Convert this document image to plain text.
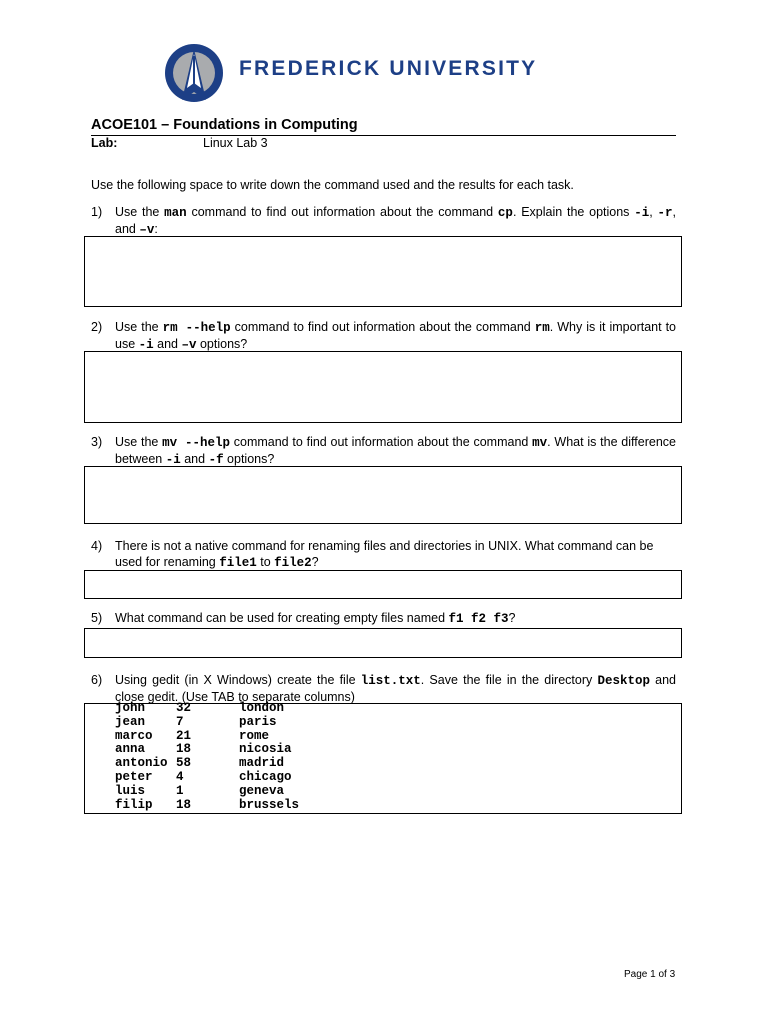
FREDERICK UNIVERSITY
ACOE101 – Foundations in Computing
Lab:	Linux Lab 3
Use the following space to write down the command used and the results for each task.
1) Use the man command to find out information about the command cp. Explain the options -i, -r, and –v:
2) Use the rm --help command to find out information about the command rm. Why is it important to use -i and –v options?
3) Use the mv --help command to find out information about the command mv. What is the difference between -i and -f options?
4) There is not a native command for renaming files and directories in UNIX. What command can be used for renaming file1 to file2?
5) What command can be used for creating empty files named f1 f2 f3?
6) Using gedit (in X Windows) create the file list.txt. Save the file in the directory Desktop and close gedit. (Use TAB to separate columns)
john	32	london
jean	7	paris
marco	21	rome
anna	18	nicosia
antonio	58	madrid
peter	4	chicago
luis	1	geneva
filip	18	brussels
Page 1 of 3
